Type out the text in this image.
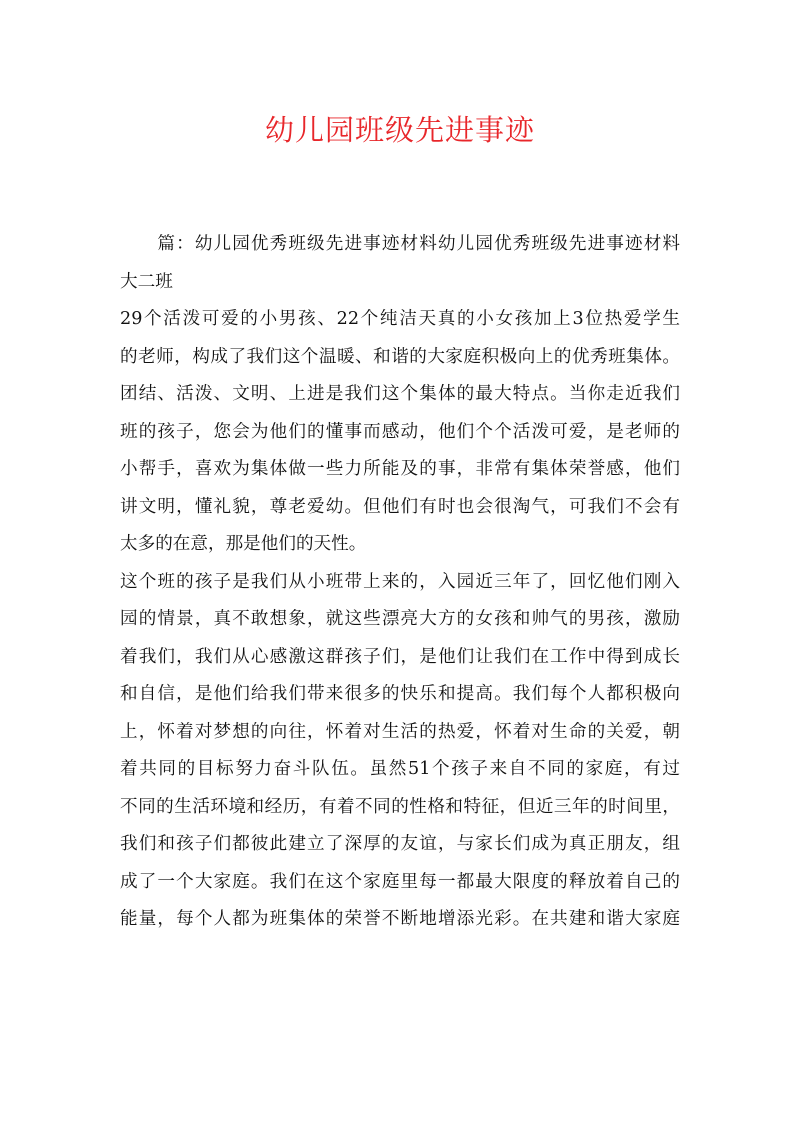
幼儿园班级先进事迹
　　篇：幼儿园优秀班级先进事迹材料幼儿园优秀班级先进事迹材料
大二班
29个活泼可爱的小男孩、22个纯洁天真的小女孩加上3位热爱学生
的老师，构成了我们这个温暖、和谐的大家庭积极向上的优秀班集体。
团结、活泼、文明、上进是我们这个集体的最大特点。当你走近我们
班的孩子，您会为他们的懂事而感动，他们个个活泼可爱，是老师的
小帮手，喜欢为集体做一些力所能及的事，非常有集体荣誉感，他们
讲文明，懂礼貌，尊老爱幼。但他们有时也会很淘气，可我们不会有
太多的在意，那是他们的天性。
这个班的孩子是我们从小班带上来的，入园近三年了，回忆他们刚入
园的情景，真不敢想象，就这些漂亮大方的女孩和帅气的男孩，激励
着我们，我们从心感激这群孩子们，是他们让我们在工作中得到成长
和自信，是他们给我们带来很多的快乐和提高。我们每个人都积极向
上，怀着对梦想的向往，怀着对生活的热爱，怀着对生命的关爱，朝
着共同的目标努力奋斗队伍。虽然51个孩子来自不同的家庭，有过
不同的生活环境和经历，有着不同的性格和特征，但近三年的时间里，
我们和孩子们都彼此建立了深厚的友谊，与家长们成为真正朋友，组
成了一个大家庭。我们在这个家庭里每一都最大限度的释放着自己的
能量，每个人都为班集体的荣誉不断地增添光彩。在共建和谐大家庭
